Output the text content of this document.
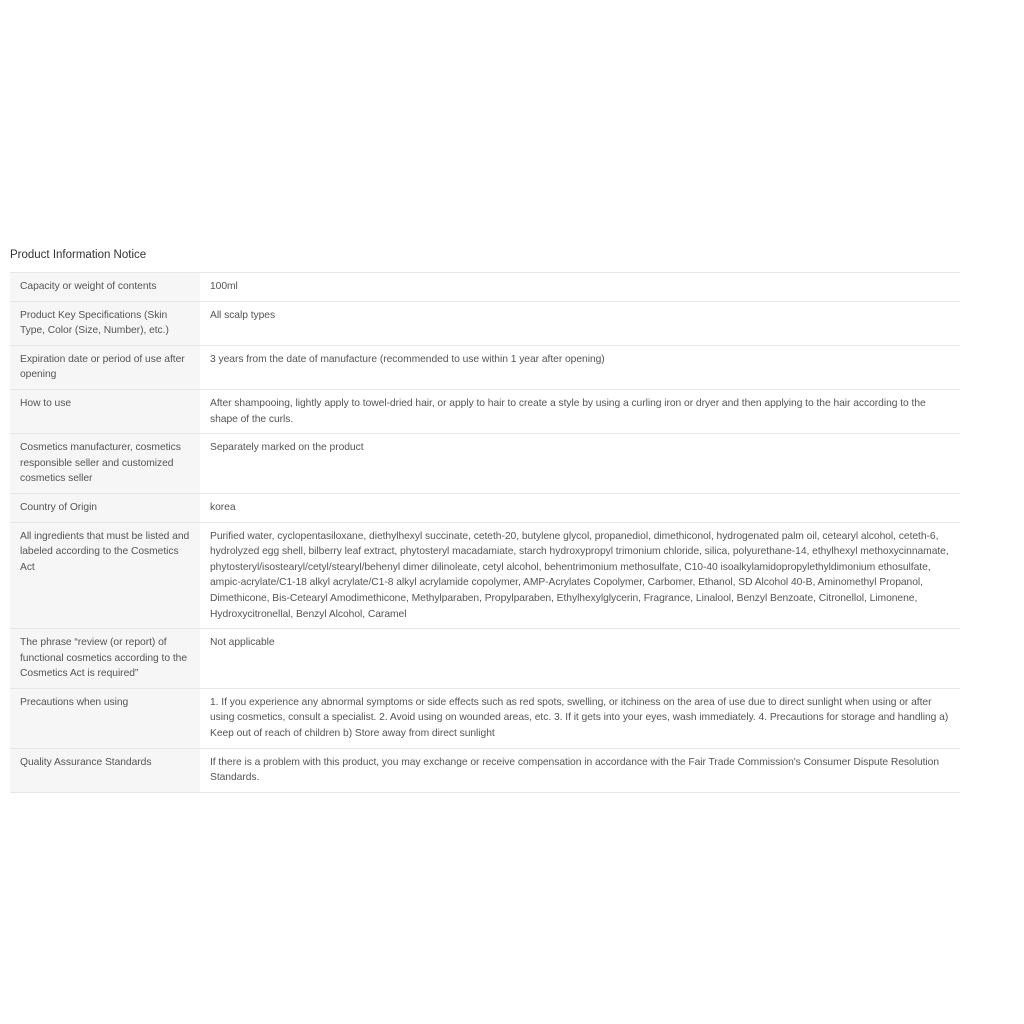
Product Information Notice
Capacity or weight of contents	100ml
Product Key Specifications (Skin Type, Color (Size, Number), etc.)	All scalp types
Expiration date or period of use after opening	3 years from the date of manufacture (recommended to use within 1 year after opening)
How to use	After shampooing, lightly apply to towel-dried hair, or apply to hair to create a style by using a curling iron or dryer and then applying to the hair according to the shape of the curls.
Cosmetics manufacturer, cosmetics responsible seller and customized cosmetics seller	Separately marked on the product
Country of Origin	korea
All ingredients that must be listed and labeled according to the Cosmetics Act	Purified water, cyclopentasiloxane, diethylhexyl succinate, ceteth-20, butylene glycol, propanediol, dimethiconol, hydrogenated palm oil, cetearyl alcohol, ceteth-6, hydrolyzed egg shell, bilberry leaf extract, phytosteryl macadamiate, starch hydroxypropyl trimonium chloride, silica, polyurethane-14, ethylhexyl methoxycinnamate, phytosteryl/isostearyl/cetyl/stearyl/behenyl dimer dilinoleate, cetyl alcohol, behentrimonium methosulfate, C10-40 isoalkylamidopropylethyldimonium ethosulfate, ampic-acrylate/C1-18 alkyl acrylate/C1-8 alkyl acrylamide copolymer, AMP-Acrylates Copolymer, Carbomer, Ethanol, SD Alcohol 40-B, Aminomethyl Propanol, Dimethicone, Bis-Cetearyl Amodimethicone, Methylparaben, Propylparaben, Ethylhexylglycerin, Fragrance, Linalool, Benzyl Benzoate, Citronellol, Limonene, Hydroxycitronellal, Benzyl Alcohol, Caramel
The phrase “review (or report) of functional cosmetics according to the Cosmetics Act is required”	Not applicable
Precautions when using	1. If you experience any abnormal symptoms or side effects such as red spots, swelling, or itchiness on the area of use due to direct sunlight when using or after using cosmetics, consult a specialist. 2. Avoid using on wounded areas, etc. 3. If it gets into your eyes, wash immediately. 4. Precautions for storage and handling a) Keep out of reach of children b) Store away from direct sunlight
Quality Assurance Standards	If there is a problem with this product, you may exchange or receive compensation in accordance with the Fair Trade Commission's Consumer Dispute Resolution Standards.
